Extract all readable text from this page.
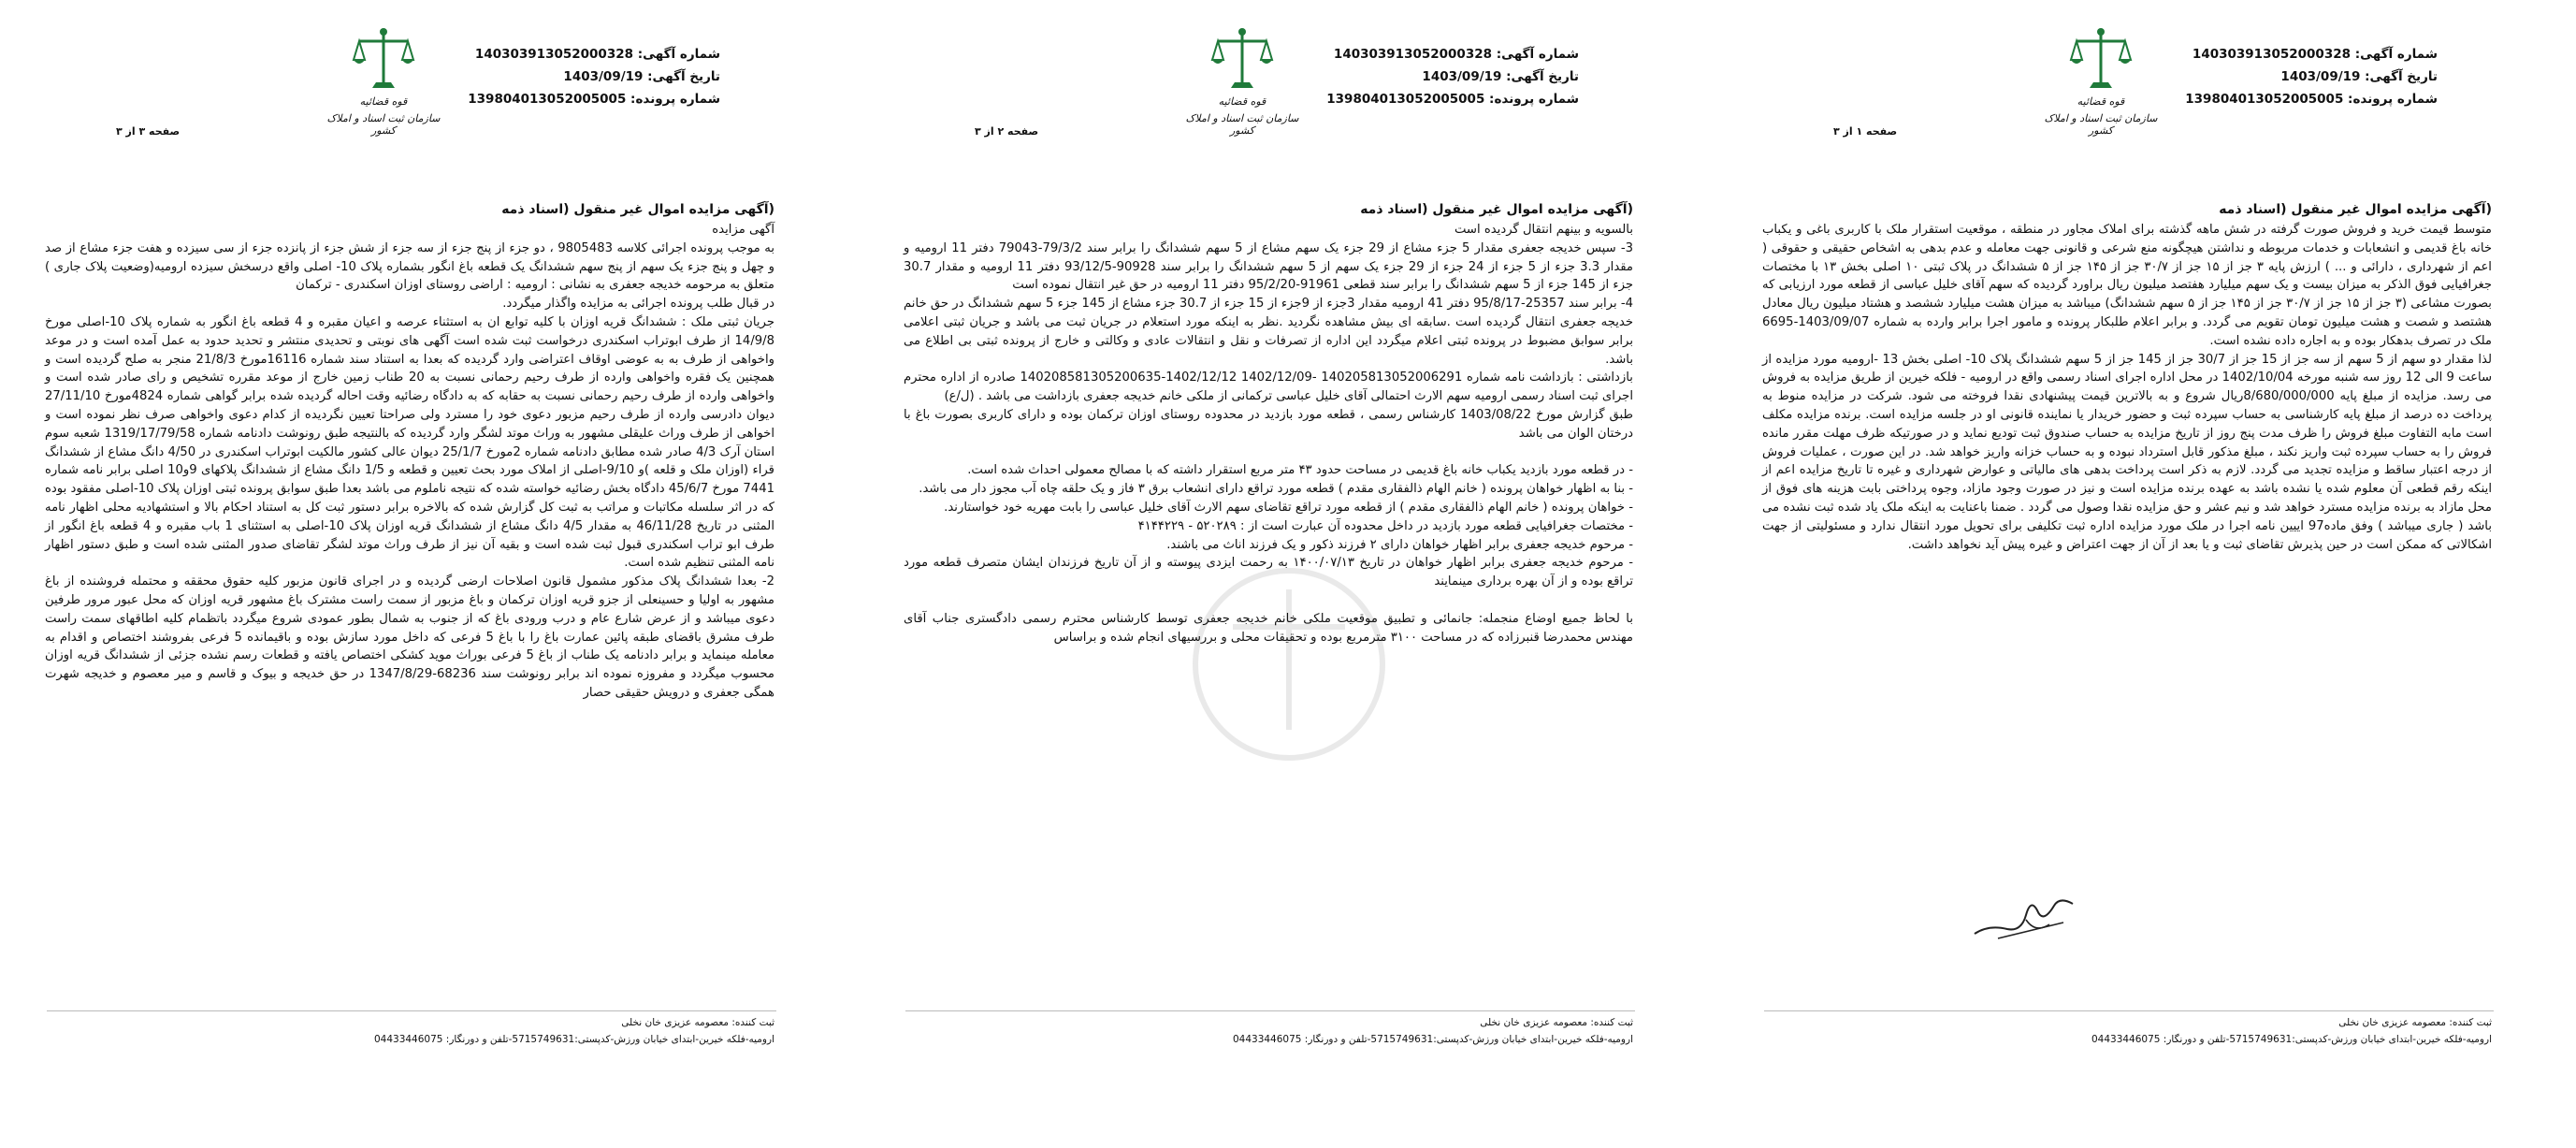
شماره آگهی: 140303913052000328
تاریخ آگهی: 1403/09/19
شماره پرونده: 139804013052005005
قوه قضائیه
سازمان ثبت اسناد و املاک کشور
صفحه ۱ از ۳
(آگهی مزایده اموال غیر منقول (اسناد ذمه

متوسط قیمت خرید و فروش صورت گرفته در شش ماهه گذشته برای املاک مجاور در منطقه ، موقعیت استقرار ملک با کاربری باغی و یکباب خانه باغ قدیمی و انشعابات و خدمات مربوطه و نداشتن هیچگونه منع شرعی و قانونی جهت معامله و عدم بدهی به اشخاص حقیقی و حقوقی ( اعم از شهرداری ، دارائی و ... ) ارزش پایه ۳ جز از ۱۵ جز از ۳۰/۷ جز از ۱۴۵ جز از ۵ ششدانگ در پلاک ثبتی ۱۰ اصلی بخش ۱۳ با مختصات جغرافیایی فوق الذکر به میزان بیست و یک سهم میلیارد هفتصد میلیون ریال براورد گردیده که سهم آقای خلیل عباسی از قطعه مورد ارزیابی که بصورت مشاعی (۳ جز از ۱۵ جز از ۳۰/۷ جز از ۱۴۵ جز از ۵ سهم ششدانگ) میباشد به میزان هشت میلیارد ششصد و هشتاد میلیون ریال معادل هشتصد و شصت و هشت میلیون تومان تقویم می گردد. و برابر اعلام طلبکار پرونده و مامور اجرا برابر وارده به شماره 1403/09/07-6695 ملک در تصرف بدهکار بوده و به اجاره داده نشده است.
لذا مقدار دو سهم از 5 سهم از سه جز از 15 جز از 30/7 جز از 145 جز از 5 سهم ششدانگ پلاک 10- اصلی بخش 13 -ارومیه مورد مزایده از ساعت 9 الی 12 روز سه شنبه مورخه 1402/10/04 در محل اداره اجرای اسناد رسمی واقع در ارومیه - فلکه خیرین از طریق مزایده به فروش می رسد. مزایده از مبلغ پایه 8/680/000/000ریال شروع و به بالاترین قیمت پیشنهادی نقدا فروخته می شود. شرکت در مزایده منوط به پرداخت ده درصد از مبلغ پایه کارشناسی به حساب سپرده ثبت و حضور خریدار یا نماینده قانونی او در جلسه مزایده است. برنده مزایده مکلف است مابه التفاوت مبلغ فروش را ظرف مدت پنج روز از تاریخ مزایده به حساب صندوق ثبت تودیع نماید و در صورتیکه ظرف مهلت مقرر مانده فروش را به حساب سپرده ثبت واریز نکند ، مبلغ مذکور قابل استرداد نبوده و به حساب خزانه واریز خواهد شد. در این صورت ، عملیات فروش از درجه اعتبار ساقط و مزایده تجدید می گردد. لازم به ذکر است پرداخت بدهی های مالیاتی و عوارض شهرداری و غیره تا تاریخ مزایده اعم از اینکه رقم قطعی آن معلوم شده یا نشده باشد به عهده برنده مزایده است و نیز در صورت وجود مازاد، وجوه پرداختی بابت هزینه های فوق از محل مازاد به برنده مزایده مسترد خواهد شد و نیم عشر و حق مزایده نقدا وصول می گردد . ضمنا باعنایت به اینکه ملک یاد شده ثبت نشده می باشد ( جاری میباشد ) وفق ماده97 اییین نامه اجرا در ملک مورد مزایده اداره ثبت تکلیفی برای تحویل مورد انتقال ندارد و مسئولیتی از جهت اشکالاتی که ممکن است در حین پذیرش تقاضای ثبت و یا بعد از آن از جهت اعتراض و غیره پیش آید نخواهد داشت.

ثبت کننده: معصومه عزیزی خان نخلی
ارومیه-فلکه خیرین-ابتدای خیابان ورزش-کدپستی:5715749631-تلفن و دورنگار: 04433446075
شماره آگهی: 140303913052000328
تاریخ آگهی: 1403/09/19
شماره پرونده: 139804013052005005
قوه قضائیه
سازمان ثبت اسناد و املاک کشور
صفحه ۲ از ۳
(آگهی مزایده اموال غیر منقول (اسناد ذمه

بالسویه و بینهم انتقال گردیده است
3- سپس خدیجه جعفری مقدار 5 جزء مشاع از 29 جزء یک سهم مشاع از 5 سهم ششدانگ را برابر سند 79/3/2-79043 دفتر 11 ارومیه و مقدار 3.3 جزء از 5 جزء از 24 جزء از 29 جزء یک سهم از 5 سهم ششدانگ را برابر سند 90928-93/12/5 دفتر 11 ارومیه و مقدار 30.7 جزء از 145 جزء از 5 سهم ششدانگ را برابر سند قطعی 91961-95/2/20 دفتر 11 ارومیه در حق غیر انتقال نموده است
4- برابر سند 25357-95/8/17 دفتر 41 ارومیه مقدار 3جزء از 9جزء از 15 جزء از 30.7 جزء مشاع از 145 جزء 5 سهم ششدانگ در حق خانم خدیجه جعفری انتقال گردیده است .سابقه ای بیش مشاهده نگردید .نظر به اینکه مورد استعلام در جریان ثبت می باشد و جریان ثبتی اعلامی برابر سوابق مضبوط در پرونده ثبتی اعلام میگردد این اداره از تصرفات و نقل و انتقالات عادی و وکالتی و خارج از پرونده ثبتی بی اطلاع می باشد.
بازداشتی : بازداشت نامه شماره 140205813052006291 -1402/12/09 1402/12/12-140208581305200635 صادره از اداره محترم اجرای ثبت اسناد رسمی ارومیه سهم الارث احتمالی آقای خلیل عباسی ترکمانی از ملکی خانم خدیجه جعفری بازداشت می باشد . (ل/ع)
طبق گزارش مورخ 1403/08/22 کارشناس رسمی ، قطعه مورد بازدید در محدوده روستای اوزان ترکمان بوده و دارای کاربری بصورت باغ با درختان الوان می باشد

- در قطعه مورد بازدید یکباب خانه باغ قدیمی در مساحت حدود ۴۳ متر مربع استقرار داشته که با مصالح معمولی احداث شده است.
- بنا به اظهار خواهان پرونده ( خانم الهام ذالفقاری مقدم ) قطعه مورد تراقع دارای انشعاب برق ۳ فاز و یک حلقه چاه آب مجوز دار می باشد.
- خواهان پرونده ( خانم الهام ذالفقاری مقدم ) از قطعه مورد تراقع تقاضای سهم الارث آقای خلیل عباسی را بابت مهریه خود خواستارند.
- مختصات جغرافیایی قطعه مورد بازدید در داخل محدوده آن عبارت است از : ۵۲۰۲۸۹ - ۴۱۴۴۲۲۹
- مرحوم خدیجه جعفری برابر اظهار خواهان دارای ۲ فرزند ذکور و یک فرزند اناث می باشند.
- مرحوم خدیجه جعفری برابر اظهار خواهان در تاریخ ۱۴۰۰/۰۷/۱۳ به رحمت ایزدی پیوسته و از آن تاریخ فرزندان ایشان متصرف قطعه مورد تراقع بوده و از آن بهره برداری مینمایند

با لحاظ جمیع اوضاع منجمله: جانمائی و تطبیق موقعیت ملکی خانم خدیجه جعفری توسط کارشناس محترم رسمی دادگستری جناب آقای مهندس محمدرضا قنبرزاده که در مساحت ۳۱۰۰ مترمربع بوده و تحقیقات محلی و بررسیهای انجام شده و براساس

ثبت کننده: معصومه عزیزی خان نخلی
ارومیه-فلکه خیرین-ابتدای خیابان ورزش-کدپستی:5715749631-تلفن و دورنگار: 04433446075
شماره آگهی: 140303913052000328
تاریخ آگهی: 1403/09/19
شماره پرونده: 139804013052005005
قوه قضائیه
سازمان ثبت اسناد و املاک کشور
صفحه ۳ از ۳
(آگهی مزایده اموال غیر منقول (اسناد ذمه

آگهی مزایده
به موجب پرونده اجرائی کلاسه 9805483 ، دو جزء از پنج جزء از سه جزء از شش جزء از پانزده جزء از سی سیزده و هفت جزء مشاع از صد و چهل و پنج جزء یک سهم از پنج سهم ششدانگ یک قطعه باغ انگور بشماره پلاک 10- اصلی واقع درسخش سیزده ارومیه(وضعیت پلاک جاری ) متعلق به مرحومه خدیجه جعفری به نشانی : ارومیه : اراضی روستای اوزان اسکندری - ترکمان
در قبال طلب پرونده اجرائی به مزایده واگذار میگردد.
جریان ثبتی ملک : ششدانگ قریه اوزان با کلیه توابع ان به استثناء عرصه و اعیان مقبره و 4 قطعه باغ انگور به شماره پلاک 10-اصلی مورخ 14/9/8 از طرف ابوتراب اسکندری درخواست ثبت شده است آگهی های نوبتی و تحدیدی منتشر و تحدید حدود به عمل آمده است و در موعد واخواهی از طرف به به عوضی اوقاف اعتراضی وارد گردیده که بعدا به استناد سند شماره 16116مورخ 21/8/3 منجر به صلح گردیده است و همچنین یک فقره واخواهی وارده از طرف رحیم رحمانی نسبت به 20 طناب زمین خارج از موعد مقرره تشخیص و رای صادر شده است و واخواهی وارده از طرف رحیم رحمانی نسبت به حقابه که به دادگاه رضائیه وقت احاله گردیده شده برابر گواهی شماره 4824مورخ 27/11/10 دیوان دادرسی وارده از طرف رحیم مزبور دعوی خود را مسترد ولی صراحتا تعیین نگردیده از کدام دعوی واخواهی صرف نظر نموده است و اخواهی از طرف وراث علیقلی مشهور به وراث موتد لشگر وارد گردیده که بالنتیجه طبق رونوشت دادنامه شماره 1319/17/79/58 شعبه سوم استان آرک 4/3 صادر شده مطابق دادنامه شماره 2مورخ 25/1/7 دیوان عالی کشور مالکیت ابوتراب اسکندری در 4/50 دانگ مشاع از ششدانگ قراء (اوزان ملک و قلعه )و 9/10-اصلی از املاک مورد بحث تعیین و قطعه و 1/5 دانگ مشاع از ششدانگ پلاکهای 9و10 اصلی برابر نامه شماره 7441 مورخ 45/6/7 دادگاه بخش رضائیه خواسته شده که نتیجه ناملوم می باشد بعدا طبق سوابق پرونده ثبتی اوزان پلاک 10-اصلی مفقود بوده که در اثر سلسله مکاتبات و مراتب به ثبت کل گزارش شده که بالاخره برابر دستور ثبت کل به استناد احکام بالا و استشهادیه محلی اظهار نامه المثنی در تاریخ 46/11/28 به مقدار 4/5 دانگ مشاع از ششدانگ قریه اوزان پلاک 10-اصلی به استثنای 1 باب مقبره و 4 قطعه باغ انگور از طرف ابو تراب اسکندری قبول ثبت شده است و بقیه آن نیز از طرف وراث موتد لشگر تقاضای صدور المثنی شده است و طبق دستور اظهار نامه المثنی تنظیم شده است.
2- بعدا ششدانگ پلاک مذکور مشمول قانون اصلاحات ارضی گردیده و در اجرای قانون مزبور کلیه حقوق محققه و محتمله فروشنده از باغ مشهور به اولیا و حسینعلی از جزو قریه اوزان ترکمان و باغ مزبور از سمت راست مشترک باغ مشهور قریه اوزان که محل عبور مرور طرفین دعوی میباشد و از عرض شارع عام و درب ورودی باغ که از جنوب به شمال بطور عمودی شروع میگردد باتظمام کلیه اطاقهای سمت راست طرف مشرق باقضای طبقه پائین عمارت باغ را با باغ 5 فرعی که داخل مورد سازش بوده و باقیمانده 5 فرعی بفروشند اختصاص و اقدام به معامله مینماید و برابر دادنامه یک طناب از باغ 5 فرعی بوراث موید کشکی اختصاص یافته و قطعات رسم نشده جزئی از ششدانگ قریه اوزان محسوب میگردد و مفروزه نموده اند برابر رونوشت سند 68236-1347/8/29 در حق خدیجه و بیوک و قاسم و میر معصوم و خدیجه شهرت همگی جعفری و درویش حقیقی حصار

ثبت کننده: معصومه عزیزی خان نخلی
ارومیه-فلکه خیرین-ابتدای خیابان ورزش-کدپستی:5715749631-تلفن و دورنگار: 04433446075
